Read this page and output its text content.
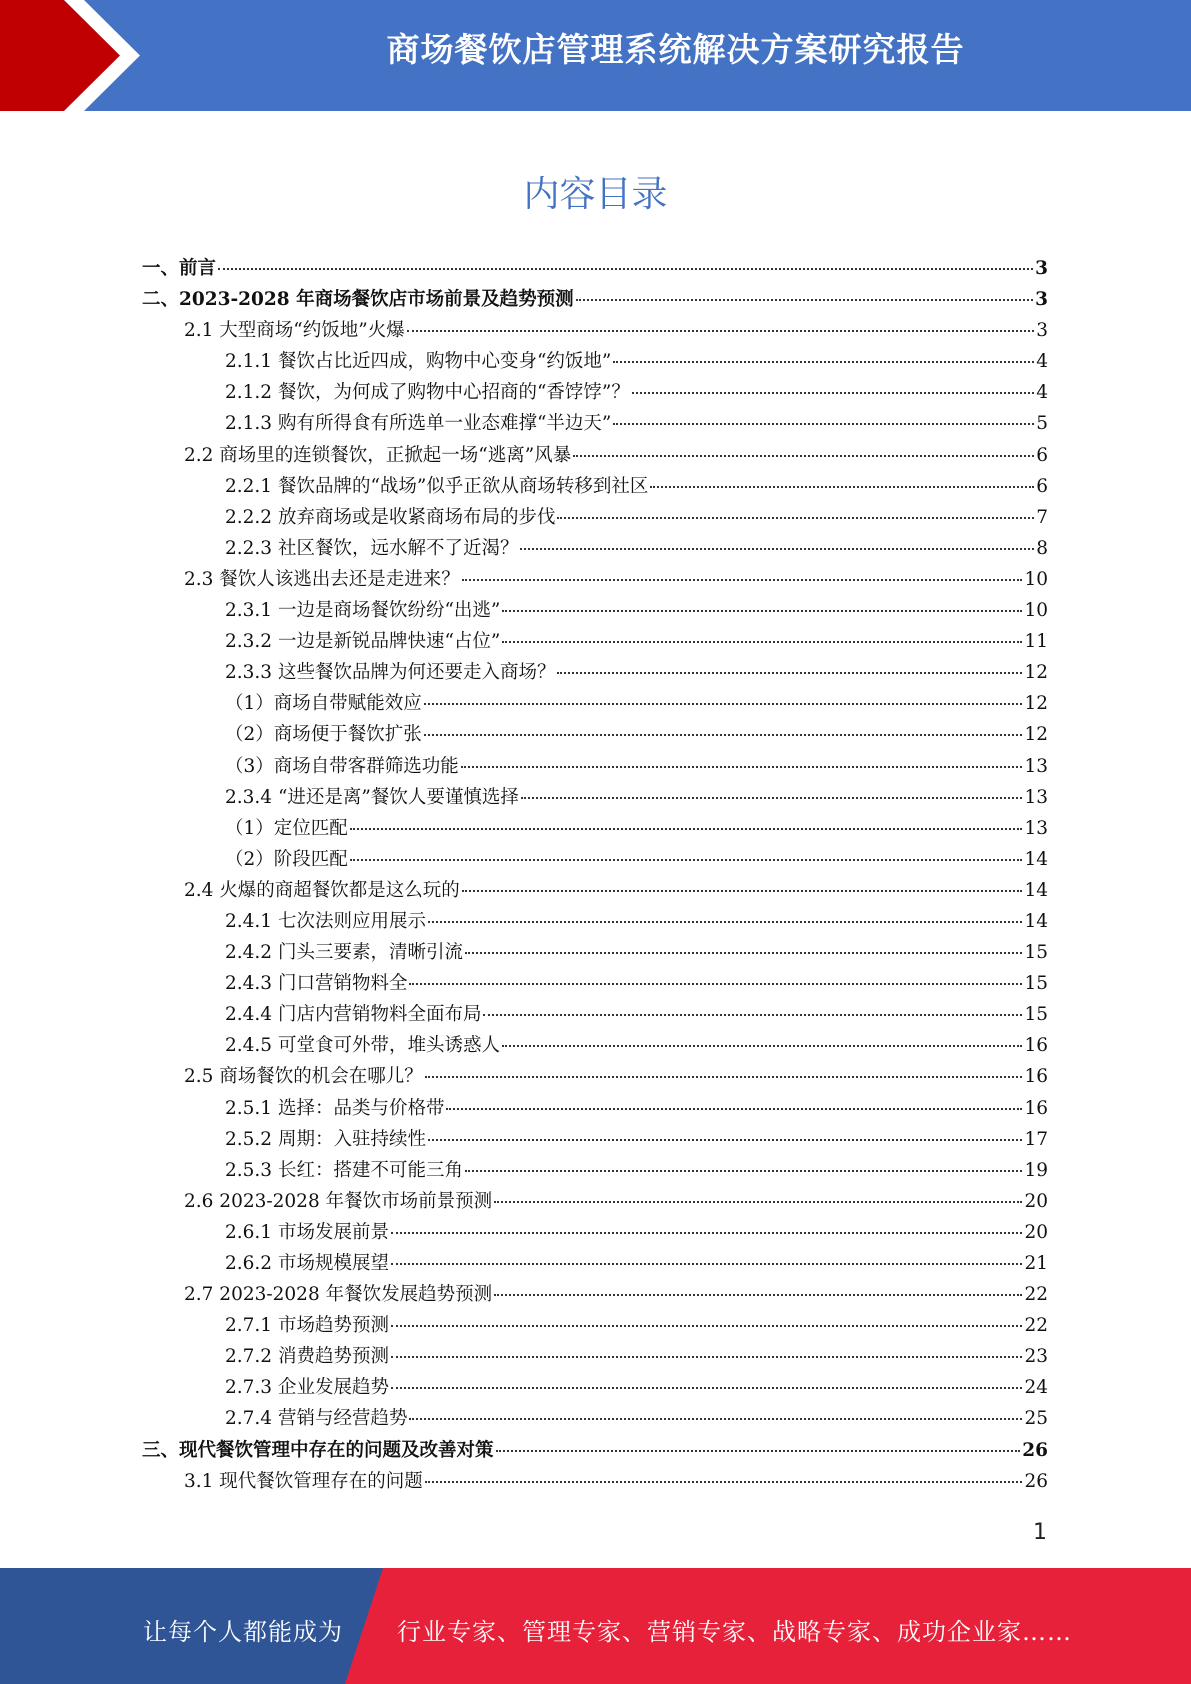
商场餐饮店管理系统解决方案研究报告
内容目录
一、前言	3
二、2023-2028 年商场餐饮店市场前景及趋势预测	3
2.1 大型商场“约饭地”火爆	3
2.1.1 餐饮占比近四成，购物中心变身“约饭地”	4
2.1.2 餐饮，为何成了购物中心招商的“香饽饽”？	4
2.1.3 购有所得食有所选单一业态难撑“半边天”	5
2.2 商场里的连锁餐饮，正掀起一场“逃离”风暴	6
2.2.1 餐饮品牌的“战场”似乎正欲从商场转移到社区	6
2.2.2 放弃商场或是收紧商场布局的步伐	7
2.2.3 社区餐饮，远水解不了近渴？	8
2.3 餐饮人该逃出去还是走进来？	10
2.3.1 一边是商场餐饮纷纷“出逃”	10
2.3.2 一边是新锐品牌快速“占位”	11
2.3.3 这些餐饮品牌为何还要走入商场？	12
（1）商场自带赋能效应	12
（2）商场便于餐饮扩张	12
（3）商场自带客群筛选功能	13
2.3.4 “进还是离”餐饮人要谨慎选择	13
（1）定位匹配	13
（2）阶段匹配	14
2.4 火爆的商超餐饮都是这么玩的	14
2.4.1 七次法则应用展示	14
2.4.2 门头三要素，清晰引流	15
2.4.3 门口营销物料全	15
2.4.4 门店内营销物料全面布局	15
2.4.5 可堂食可外带，堆头诱惑人	16
2.5 商场餐饮的机会在哪儿？	16
2.5.1 选择：品类与价格带	16
2.5.2 周期：入驻持续性	17
2.5.3 长红：搭建不可能三角	19
2.6 2023-2028 年餐饮市场前景预测	20
2.6.1 市场发展前景	20
2.6.2 市场规模展望	21
2.7 2023-2028 年餐饮发展趋势预测	22
2.7.1 市场趋势预测	22
2.7.2 消费趋势预测	23
2.7.3 企业发展趋势	24
2.7.4 营销与经营趋势	25
三、现代餐饮管理中存在的问题及改善对策	26
3.1 现代餐饮管理存在的问题	26
1
让每个人都能成为 行业专家、管理专家、营销专家、战略专家、成功企业家……
